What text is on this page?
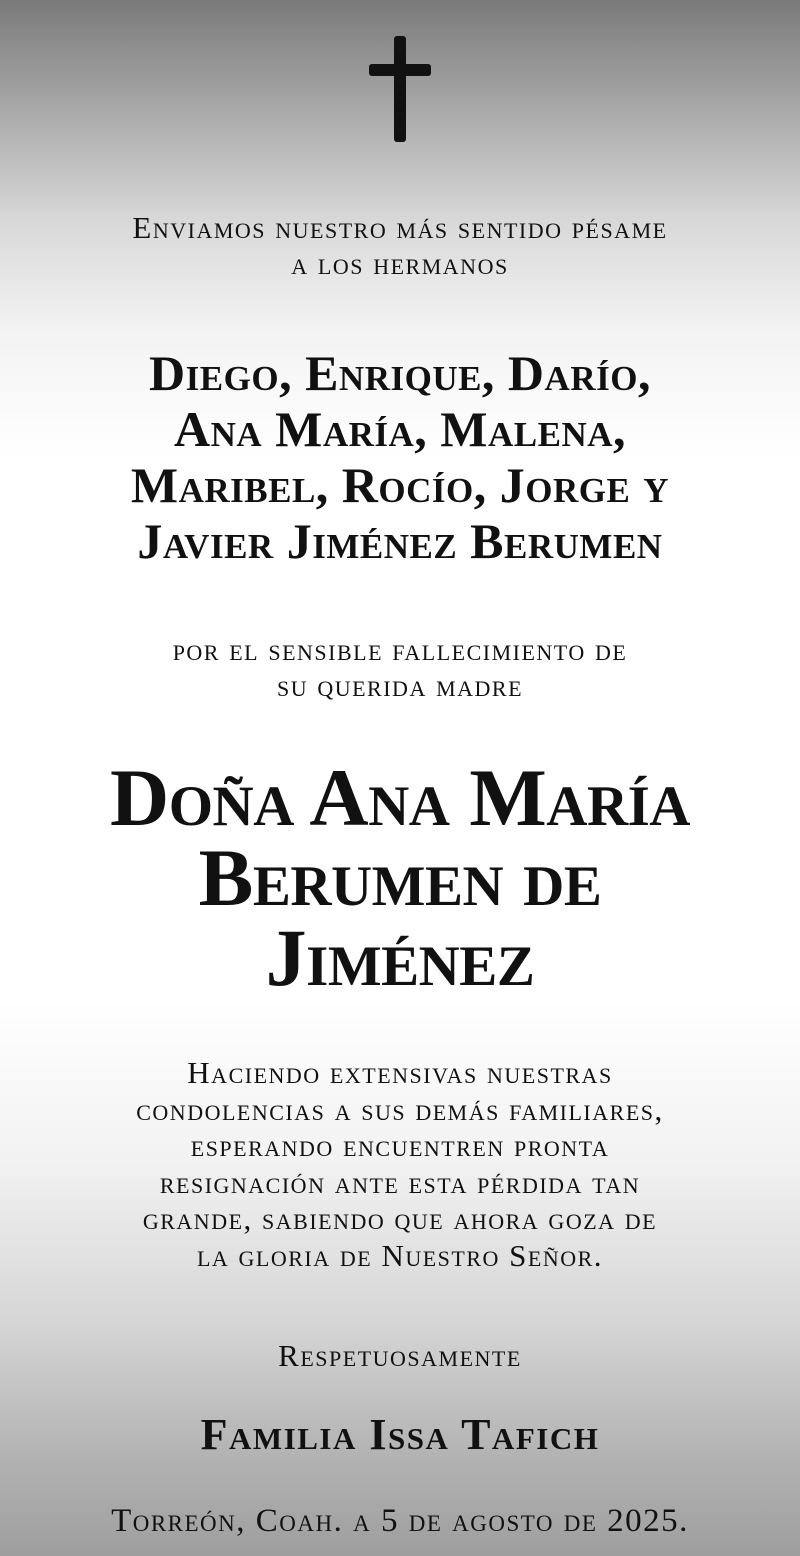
Enviamos nuestro más sentido pésame
a los hermanos
Diego, Enrique, Darío,
Ana María, Malena,
Maribel, Rocío, Jorge y
Javier Jiménez Berumen
por el sensible fallecimiento de
su querida madre
Doña Ana María
Berumen de
Jiménez
Haciendo extensivas nuestras
condolencias a sus demás familiares,
esperando encuentren pronta
resignación ante esta pérdida tan
grande, sabiendo que ahora goza de
la gloria de Nuestro Señor.
Respetuosamente
Familia Issa Tafich
Torreón, Coah. a 5 de agosto de 2025.
